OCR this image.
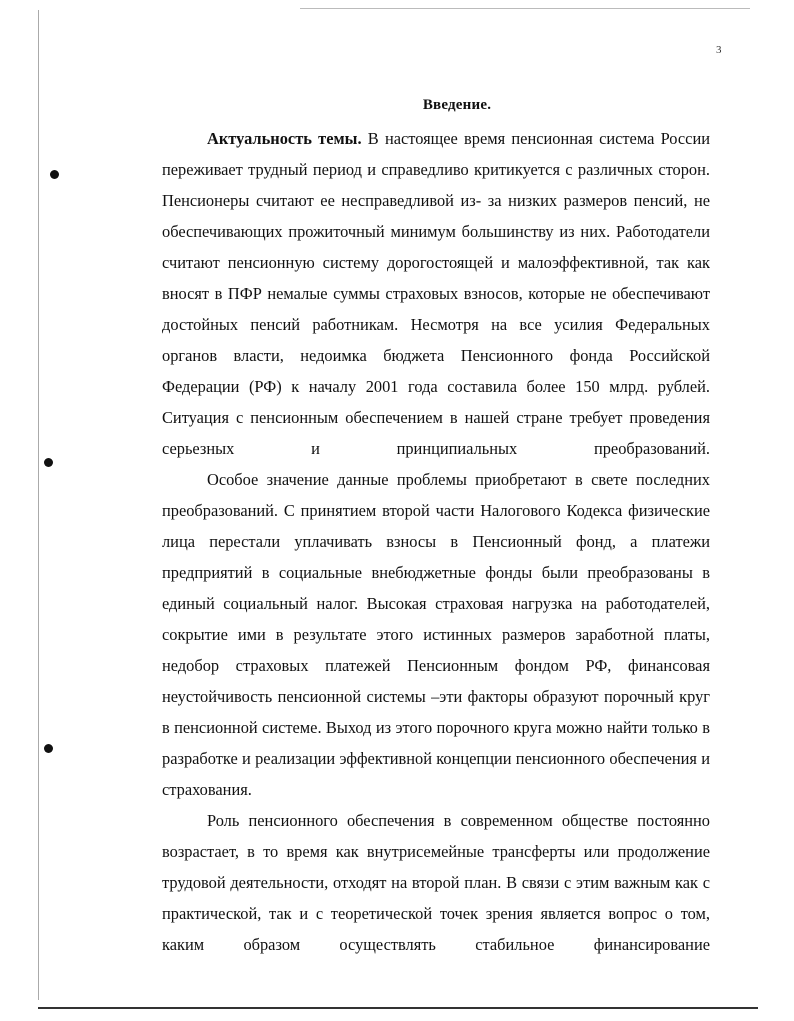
3
Введение.

Актуальность темы. В настоящее время пенсионная система России переживает трудный период и справедливо критикуется с различных сторон. Пенсионеры считают ее несправедливой из- за низких размеров пенсий, не обеспечивающих прожиточный минимум большинству из них. Работодатели считают пенсионную систему дорогостоящей и малоэффективной, так как вносят в ПФР немалые суммы страховых взносов, которые не обеспечивают достойных пенсий работникам. Несмотря на все усилия Федеральных органов власти, недоимка бюджета Пенсионного фонда Российской Федерации (РФ) к началу 2001 года составила более 150 млрд. рублей. Ситуация с пенсионным обеспечением в нашей стране требует проведения серьезных и принципиальных преобразований.

Особое значение данные проблемы приобретают в свете последних преобразований. С принятием второй части Налогового Кодекса физические лица перестали уплачивать взносы в Пенсионный фонд, а платежи предприятий в социальные внебюджетные фонды были преобразованы в единый социальный налог. Высокая страховая нагрузка на работодателей, сокрытие ими в результате этого истинных размеров заработной платы, недобор страховых платежей Пенсионным фондом РФ, финансовая неустойчивость пенсионной системы –эти факторы образуют порочный круг в пенсионной системе. Выход из этого порочного круга можно найти только в разработке и реализации эффективной концепции пенсионного обеспечения и страхования.

Роль пенсионного обеспечения в современном обществе постоянно возрастает, в то время как внутрисемейные трансферты или продолжение трудовой деятельности, отходят на второй план. В связи с этим важным как с практической, так и с теоретической точек зрения является вопрос о том, каким образом осуществлять стабильное финансирование
